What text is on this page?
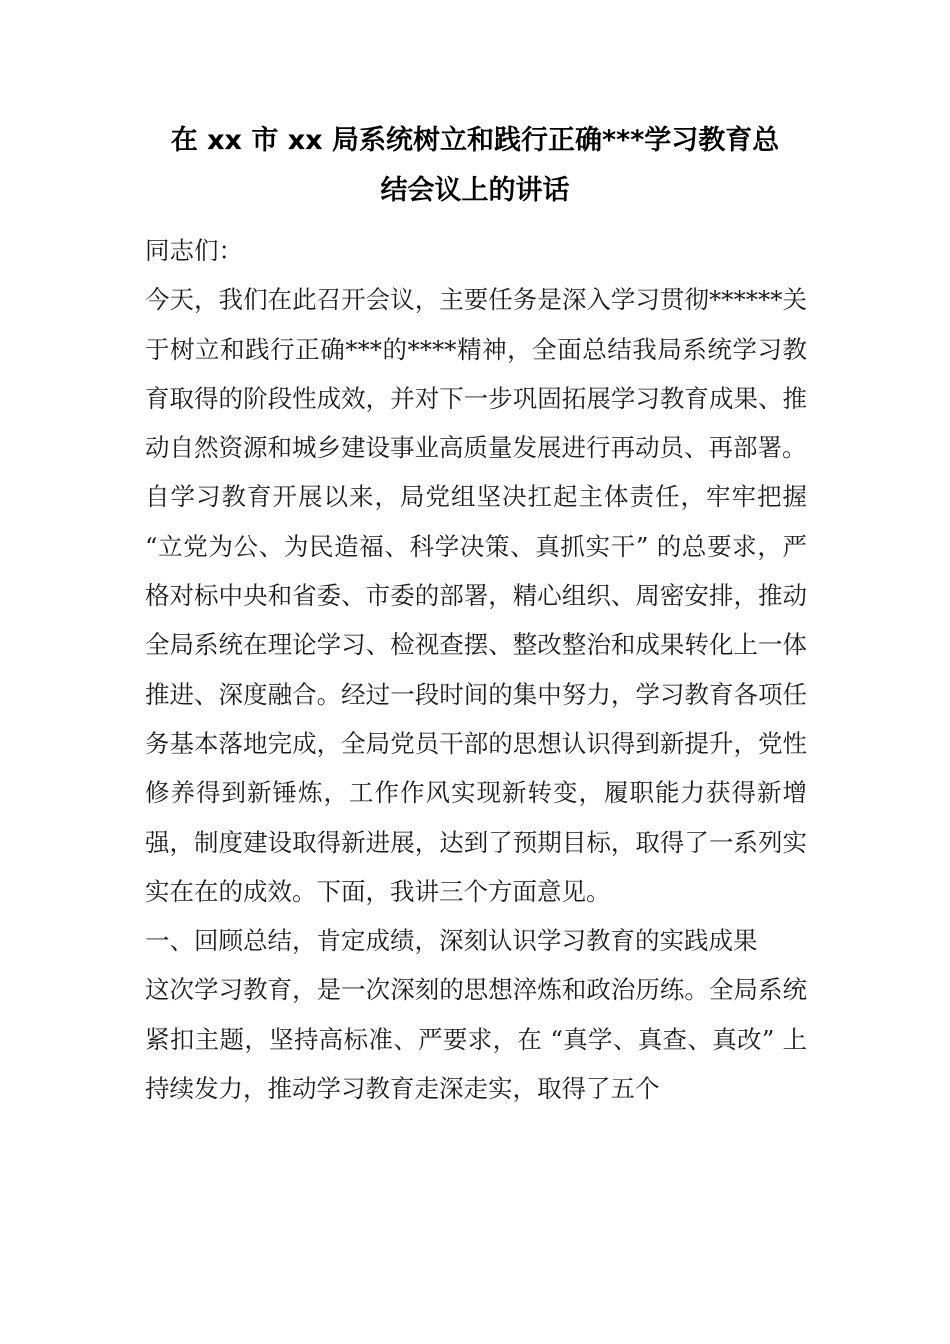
在 xx 市 xx 局系统树立和践行正确***学习教育总
结会议上的讲话

同志们：

今天，我们在此召开会议，主要任务是深入学习贯彻******关于树立和践行正确***的****精神，全面总结我局系统学习教育取得的阶段性成效，并对下一步巩固拓展学习教育成果、推动自然资源和城乡建设事业高质量发展进行再动员、再部署。

自学习教育开展以来，局党组坚决扛起主体责任，牢牢把握 “立党为公、为民造福、科学决策、真抓实干” 的总要求，严格对标中央和省委、市委的部署，精心组织、周密安排，推动全局系统在理论学习、检视查摆、整改整治和成果转化上一体推进、深度融合。经过一段时间的集中努力，学习教育各项任务基本落地完成，全局党员干部的思想认识得到新提升，党性修养得到新锤炼，工作作风实现新转变，履职能力获得新增强，制度建设取得新进展，达到了预期目标，取得了一系列实实在在的成效。下面，我讲三个方面意见。

一、回顾总结，肯定成绩，深刻认识学习教育的实践成果

这次学习教育，是一次深刻的思想淬炼和政治历练。全局系统紧扣主题，坚持高标准、严要求，在 “真学、真查、真改” 上持续发力，推动学习教育走深走实，取得了五个
